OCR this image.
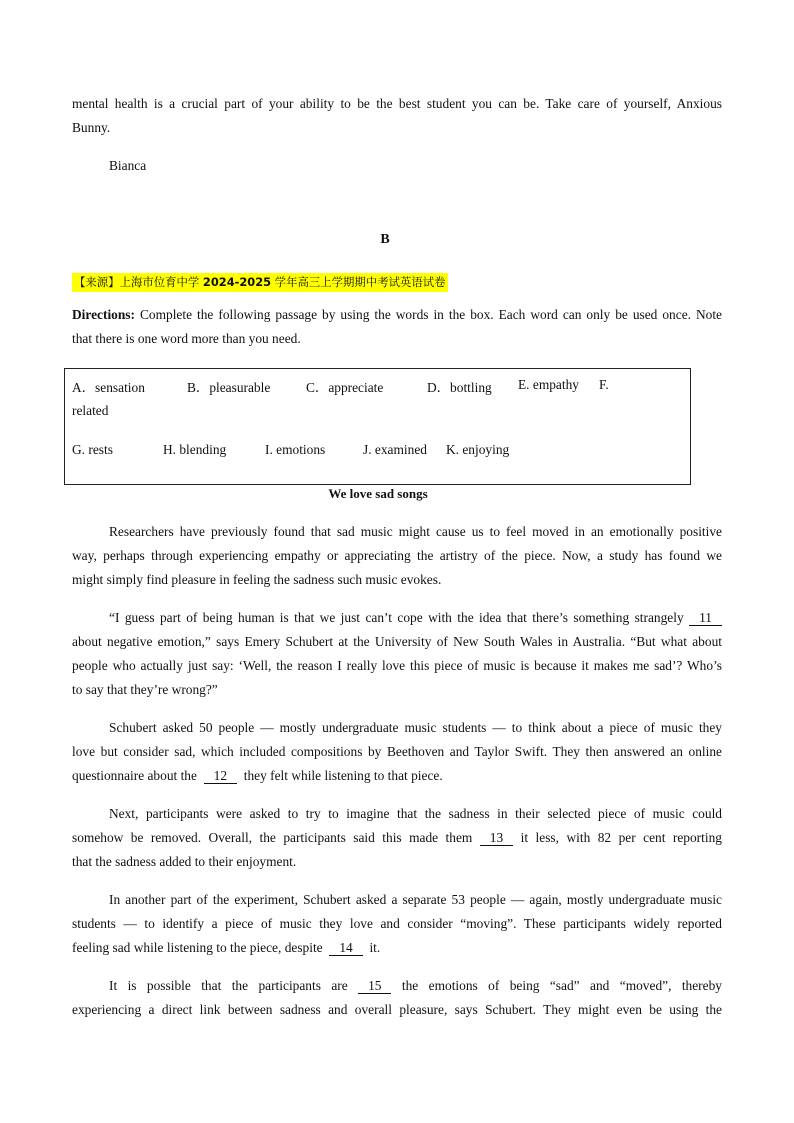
mental health is a crucial part of your ability to be the best student you can be. Take care of yourself, Anxious
Bunny.
Bianca
B
【来源】上海市位育中学 2024-2025 学年高三上学期期中考试英语试卷
Directions: Complete the following passage by using the words in the box. Each word can only be used once. Note
that there is one word more than you need.
A．sensation	B．pleasurable	C．appreciate	D．bottling E. empathy F.
related
G. rests	H. blending	I. emotions	J. examined K. enjoying
We love sad songs
Researchers have previously found that sad music might cause us to feel moved in an emotionally positive
way, perhaps through experiencing empathy or appreciating the artistry of the piece. Now, a study has found we
might simply find pleasure in feeling the sadness such music evokes.
“I guess part of being human is that we just can’t cope with the idea that there’s something strangely 11
about negative emotion,” says Emery Schubert at the University of New South Wales in Australia. “But what about
people who actually just say: ‘Well, the reason I really love this piece of music is because it makes me sad’? Who’s
to say that they’re wrong?”
Schubert asked 50 people — mostly undergraduate music students — to think about a piece of music they
love but consider sad, which included compositions by Beethoven and Taylor Swift. They then answered an online
questionnaire about the 12 they felt while listening to that piece.
Next, participants were asked to try to imagine that the sadness in their selected piece of music could
somehow be removed. Overall, the participants said this made them 13 it less, with 82 per cent reporting
that the sadness added to their enjoyment.
In another part of the experiment, Schubert asked a separate 53 people — again, mostly undergraduate music
students — to identify a piece of music they love and consider “moving”. These participants widely reported
feeling sad while listening to the piece, despite 14 it.
It is possible that the participants are 15 the emotions of being “sad” and “moved”, thereby
experiencing a direct link between sadness and overall pleasure, says Schubert. They might even be using the
